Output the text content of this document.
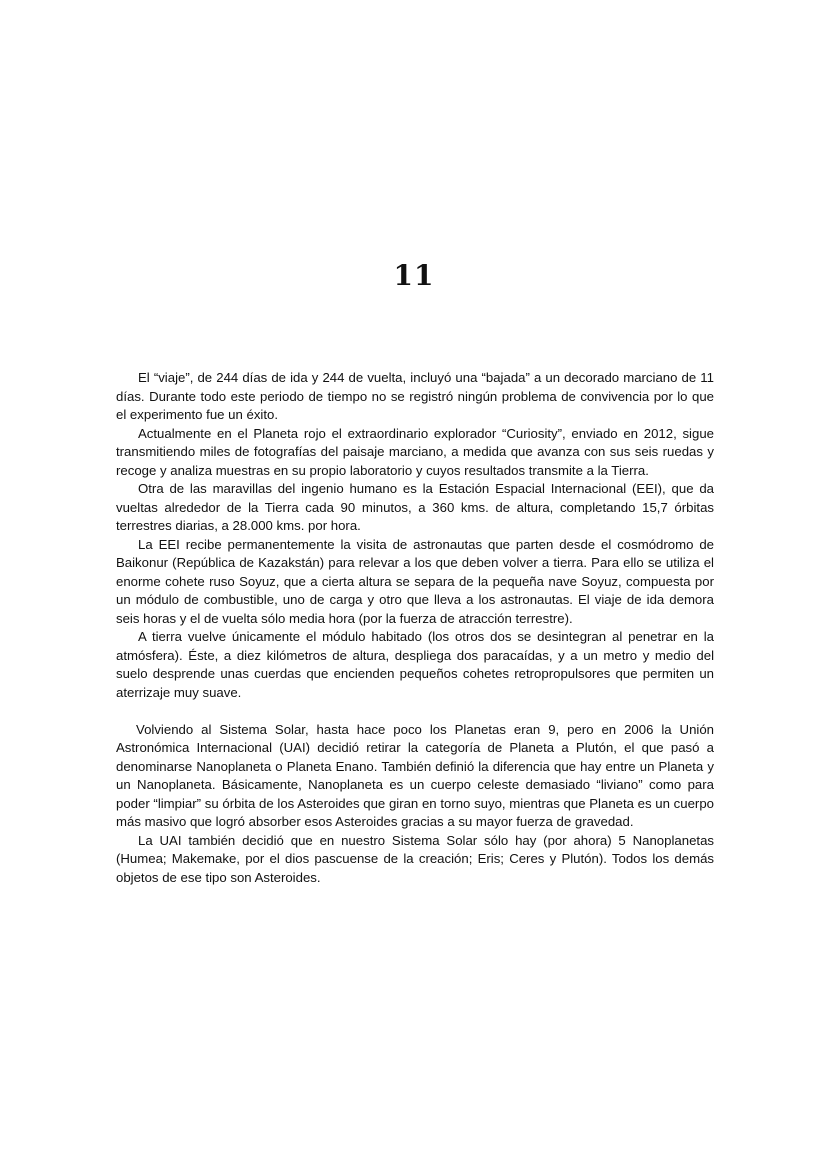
11

El “viaje”, de 244 días de ida y 244 de vuelta, incluyó una “bajada” a un decorado marciano de 11 días. Durante todo este periodo de tiempo no se registró ningún problema de convivencia por lo que el experimento fue un éxito.

Actualmente en el Planeta rojo el extraordinario explorador “Curiosity”, enviado en 2012, sigue transmitiendo miles de fotografías del paisaje marciano, a medida que avanza con sus seis ruedas y recoge y analiza muestras en su propio laboratorio y cuyos resultados transmite a la Tierra.

Otra de las maravillas del ingenio humano es la Estación Espacial Internacional (EEI), que da vueltas alrededor de la Tierra cada 90 minutos, a 360 kms. de altura, completando 15,7 órbitas terrestres diarias, a 28.000 kms. por hora.

La EEI recibe permanentemente la visita de astronautas que parten desde el cosmódromo de Baikonur (República de Kazakstán) para relevar a los que deben volver a tierra. Para ello se utiliza el enorme cohete ruso Soyuz, que a cierta altura se separa de la pequeña nave Soyuz, compuesta por un módulo de combustible, uno de carga y otro que lleva a los astronautas. El viaje de ida demora seis horas y el de vuelta sólo media hora (por la fuerza de atracción terrestre).

A tierra vuelve únicamente el módulo habitado (los otros dos se desintegran al penetrar en la atmósfera). Éste, a diez kilómetros de altura, despliega dos paracaídas, y a un metro y medio del suelo desprende unas cuerdas que encienden pequeños cohetes retropropulsores que permiten un aterrizaje muy suave.

Volviendo al Sistema Solar, hasta hace poco los Planetas eran 9, pero en 2006 la Unión Astronómica Internacional (UAI) decidió retirar la categoría de Planeta a Plutón, el que pasó a denominarse Nanoplaneta o Planeta Enano. También definió la diferencia que hay entre un Planeta y un Nanoplaneta. Básicamente, Nanoplaneta es un cuerpo celeste demasiado “liviano” como para poder “limpiar” su órbita de los Asteroides que giran en torno suyo, mientras que Planeta es un cuerpo más masivo que logró absorber esos Asteroides gracias a su mayor fuerza de gravedad.

La UAI también decidió que en nuestro Sistema Solar sólo hay (por ahora) 5 Nanoplanetas (Humea; Makemake, por el dios pascuense de la creación; Eris; Ceres y Plutón). Todos los demás objetos de ese tipo son Asteroides.
